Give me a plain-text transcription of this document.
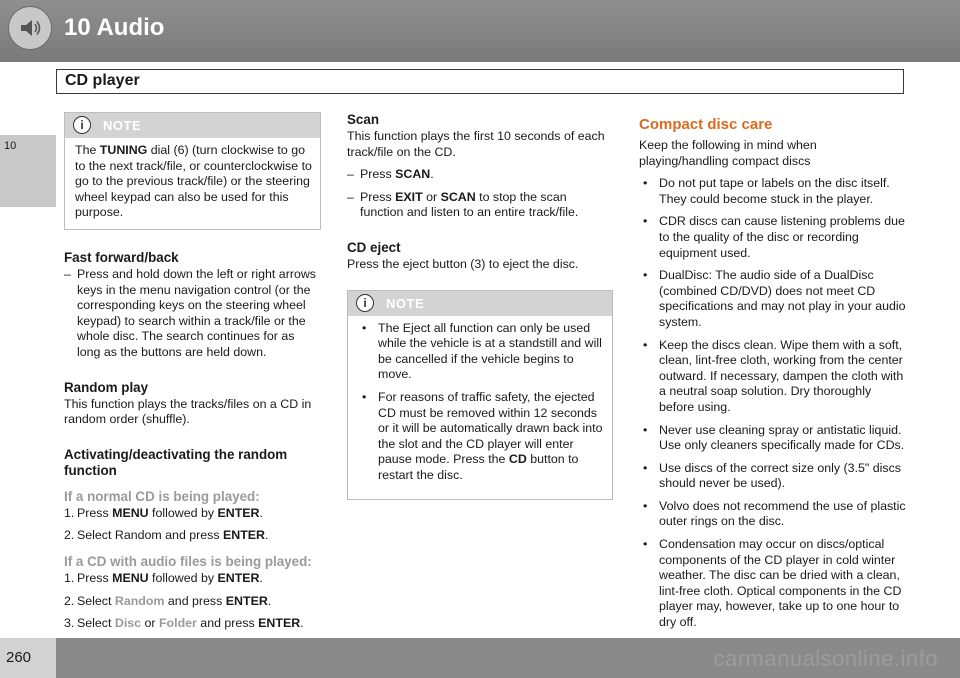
10 Audio
10
CD player
i	NOTE

The TUNING dial (6) (turn clockwise to go to the next track/file, or counterclockwise to go to the previous track/file) or the steering wheel keypad can also be used for this purpose.

Fast forward/back
– Press and hold down the left or right arrows keys in the menu navigation control (or the corresponding keys on the steering wheel keypad) to search within a track/file or the whole disc. The search continues for as long as the buttons are held down.
Random play

This function plays the tracks/files on a CD in random order (shuffle).

Activating/deactivating the random function
If a normal CD is being played:
1. Press MENU followed by ENTER.
2. Select Random and press ENTER.
If a CD with audio files is being played:
1. Press MENU followed by ENTER.
2. Select Random and press ENTER.
3. Select Disc or Folder and press ENTER.
Scan

This function plays the first 10 seconds of each track/file on the CD.

– Press SCAN.
– Press EXIT or SCAN to stop the scan function and listen to an entire track/file.
CD eject

Press the eject button (3) to eject the disc.

i	NOTE
• The Eject all function can only be used while the vehicle is at a standstill and will be cancelled if the vehicle begins to move.
• For reasons of traffic safety, the ejected CD must be removed within 12 seconds or it will be automatically drawn back into the slot and the CD player will enter pause mode. Press the CD button to restart the disc.
Compact disc care

Keep the following in mind when playing/handling compact discs

• Do not put tape or labels on the disc itself. They could become stuck in the player.
• CDR discs can cause listening problems due to the quality of the disc or recording equipment used.
• DualDisc: The audio side of a DualDisc (combined CD/DVD) does not meet CD specifications and may not play in your audio system.
• Keep the discs clean. Wipe them with a soft, clean, lint-free cloth, working from the center outward. If necessary, dampen the cloth with a neutral soap solution. Dry thoroughly before using.
• Never use cleaning spray or antistatic liquid. Use only cleaners specifically made for CDs.
• Use discs of the correct size only (3.5" discs should never be used).
• Volvo does not recommend the use of plastic outer rings on the disc.
• Condensation may occur on discs/optical components of the CD player in cold winter weather. The disc can be dried with a clean, lint-free cloth. Optical components in the CD player may, however, take up to one hour to dry off.
260	carmanualsonline.info
